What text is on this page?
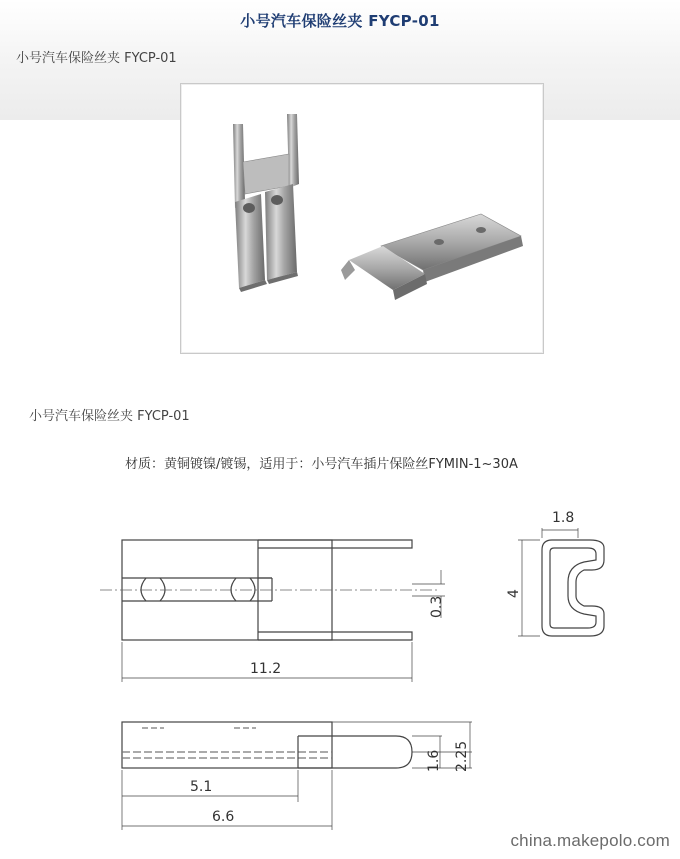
小号汽车保险丝夹 FYCP-01
小号汽车保险丝夹 FYCP-01
小号汽车保险丝夹 FYCP-01
材质：黄铜镀镍/镀锡，适用于：小号汽车插片保险丝FYMIN-1~30A
11.2
0.3
1.8
4
5.1
6.6
1.6 2.25
china.makepolo.com
